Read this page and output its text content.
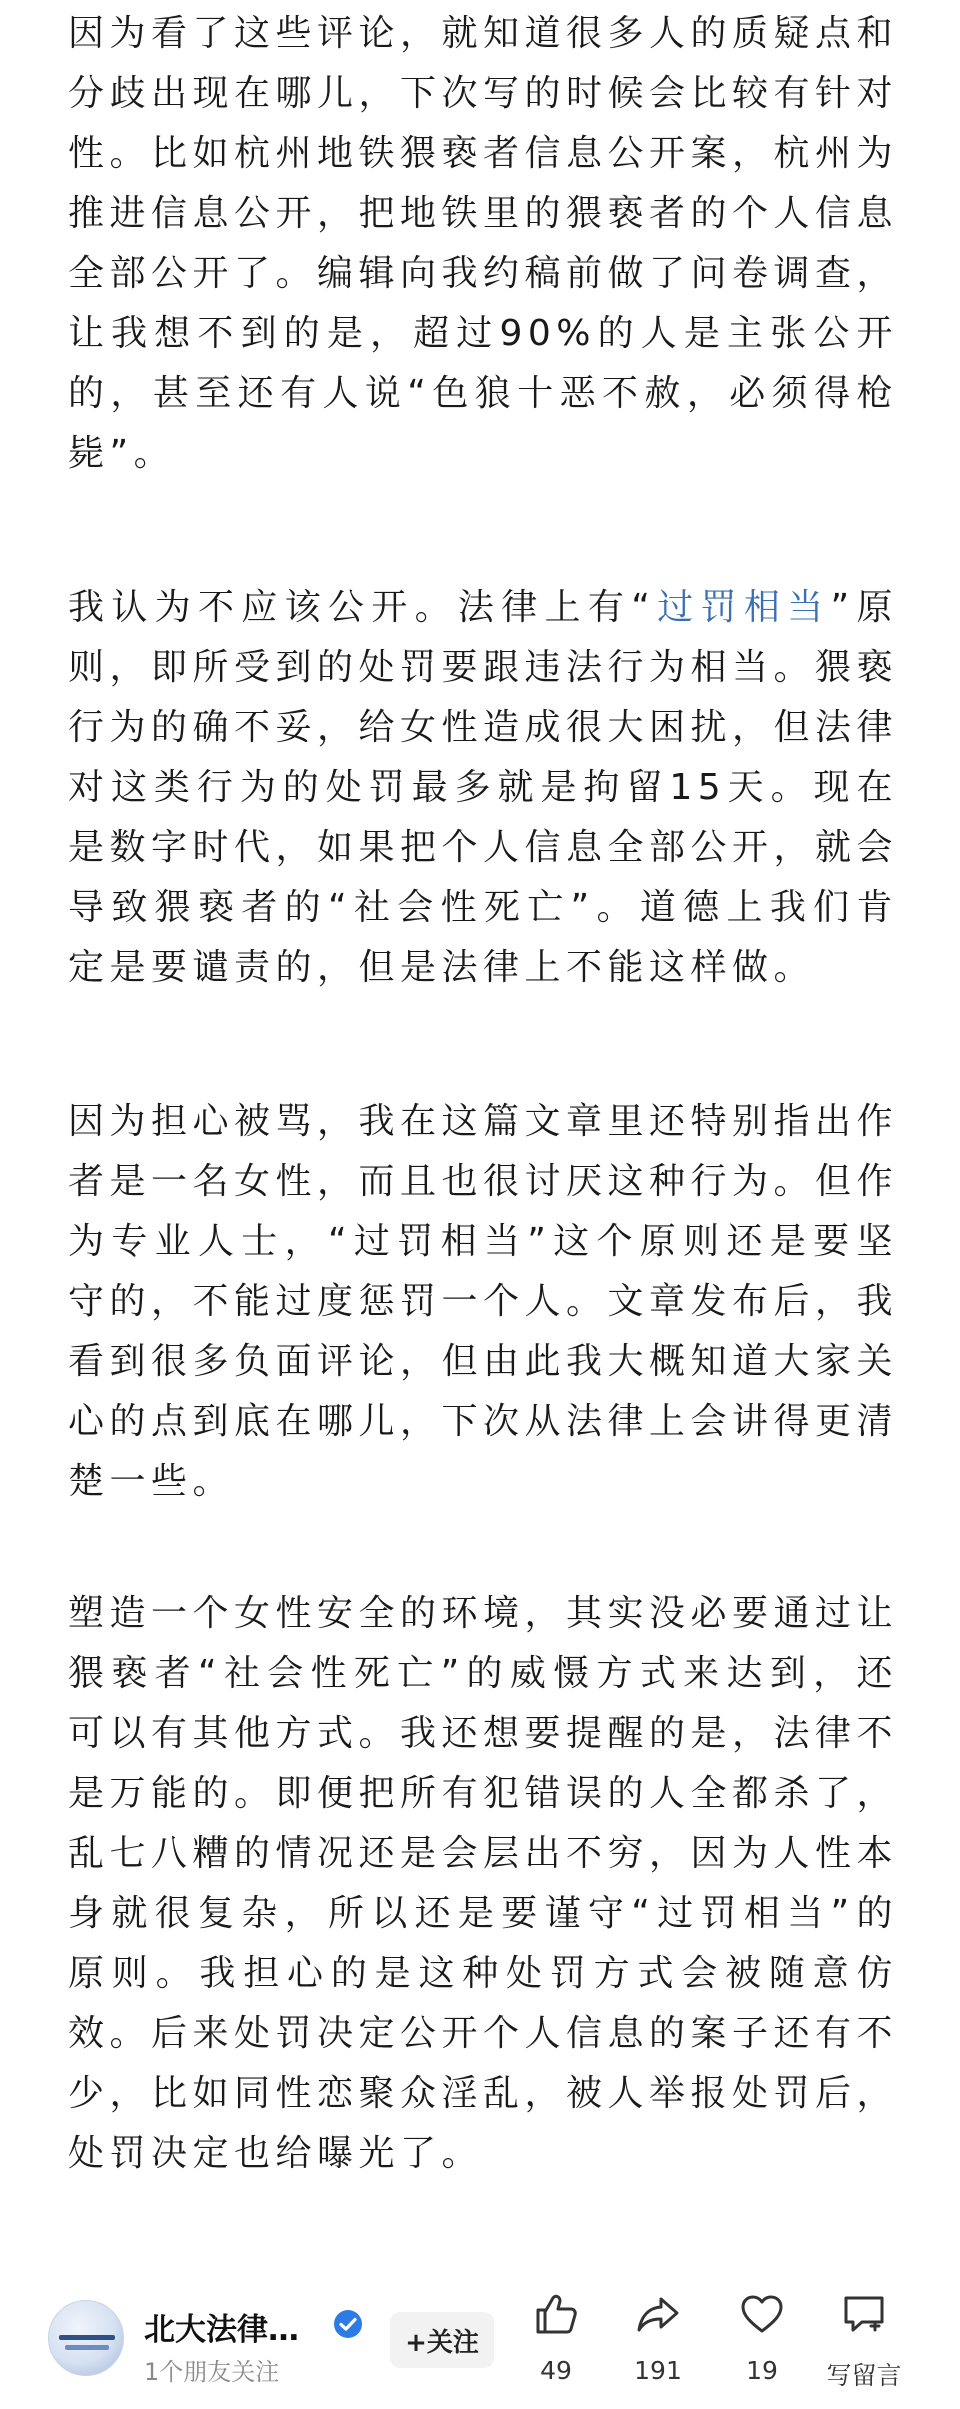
因为看了这些评论，就知道很多人的质疑点和分歧出现在哪儿，下次写的时候会比较有针对性。比如杭州地铁猥亵者信息公开案，杭州为推进信息公开，把地铁里的猥亵者的个人信息全部公开了。编辑向我约稿前做了问卷调查，让我想不到的是，超过90%的人是主张公开的，甚至还有人说“色狼十恶不赦，必须得枪毙”。

我认为不应该公开。法律上有“过罚相当”原则，即所受到的处罚要跟违法行为相当。猥亵行为的确不妥，给女性造成很大困扰，但法律对这类行为的处罚最多就是拘留15天。现在是数字时代，如果把个人信息全部公开，就会导致猥亵者的“社会性死亡”。道德上我们肯定是要谴责的，但是法律上不能这样做。

因为担心被骂，我在这篇文章里还特别指出作者是一名女性，而且也很讨厌这种行为。但作为专业人士，“过罚相当”这个原则还是要坚守的，不能过度惩罚一个人。文章发布后，我看到很多负面评论，但由此我大概知道大家关心的点到底在哪儿，下次从法律上会讲得更清楚一些。

塑造一个女性安全的环境，其实没必要通过让猥亵者“社会性死亡”的威慑方式来达到，还可以有其他方式。我还想要提醒的是，法律不是万能的。即便把所有犯错误的人全都杀了，乱七八糟的情况还是会层出不穷，因为人性本身就很复杂，所以还是要谨守“过罚相当”的原则。我担心的是这种处罚方式会被随意仿效。后来处罚决定公开个人信息的案子还有不少，比如同性恋聚众淫乱，被人举报处罚后，处罚决定也给曝光了。

北大法律…
1个朋友关注
+关注
49	191	19	写留言
